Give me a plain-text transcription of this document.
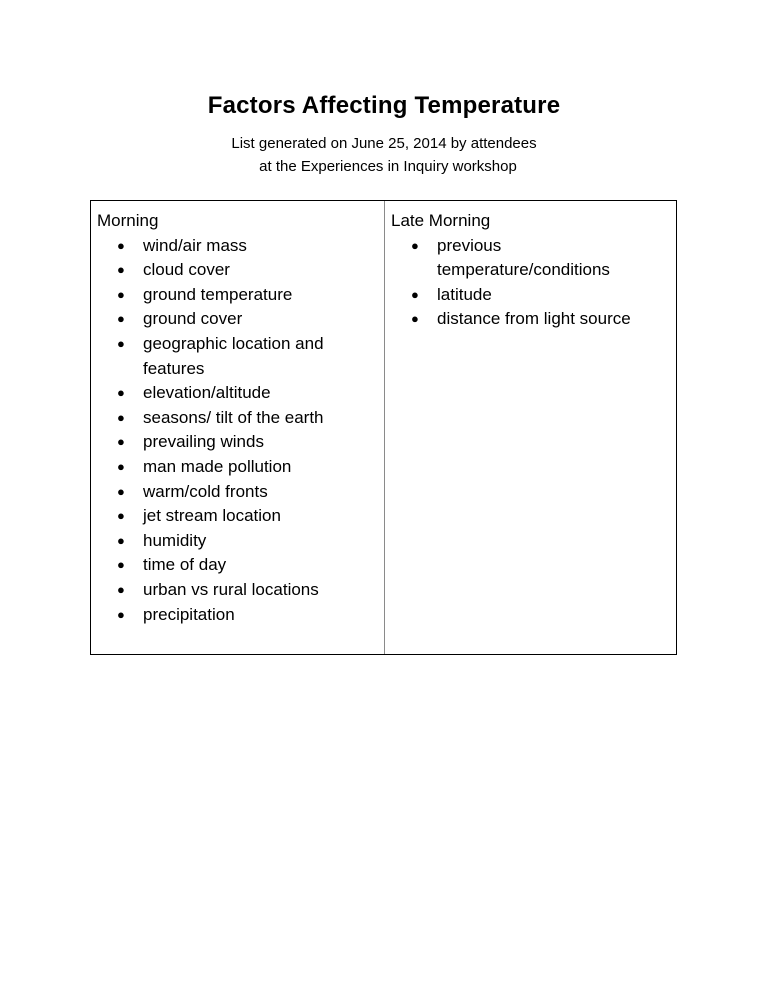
Factors Affecting Temperature
List generated on June 25, 2014 by attendees
at the Experiences in Inquiry workshop
Morning
● wind/air mass
● cloud cover
● ground temperature
● ground cover
● geographic location and features
● elevation/altitude
● seasons/ tilt of the earth
● prevailing winds
● man made pollution
● warm/cold fronts
● jet stream location
● humidity
● time of day
● urban vs rural locations
● precipitation
Late Morning
● previous temperature/conditions
● latitude
● distance from light source
